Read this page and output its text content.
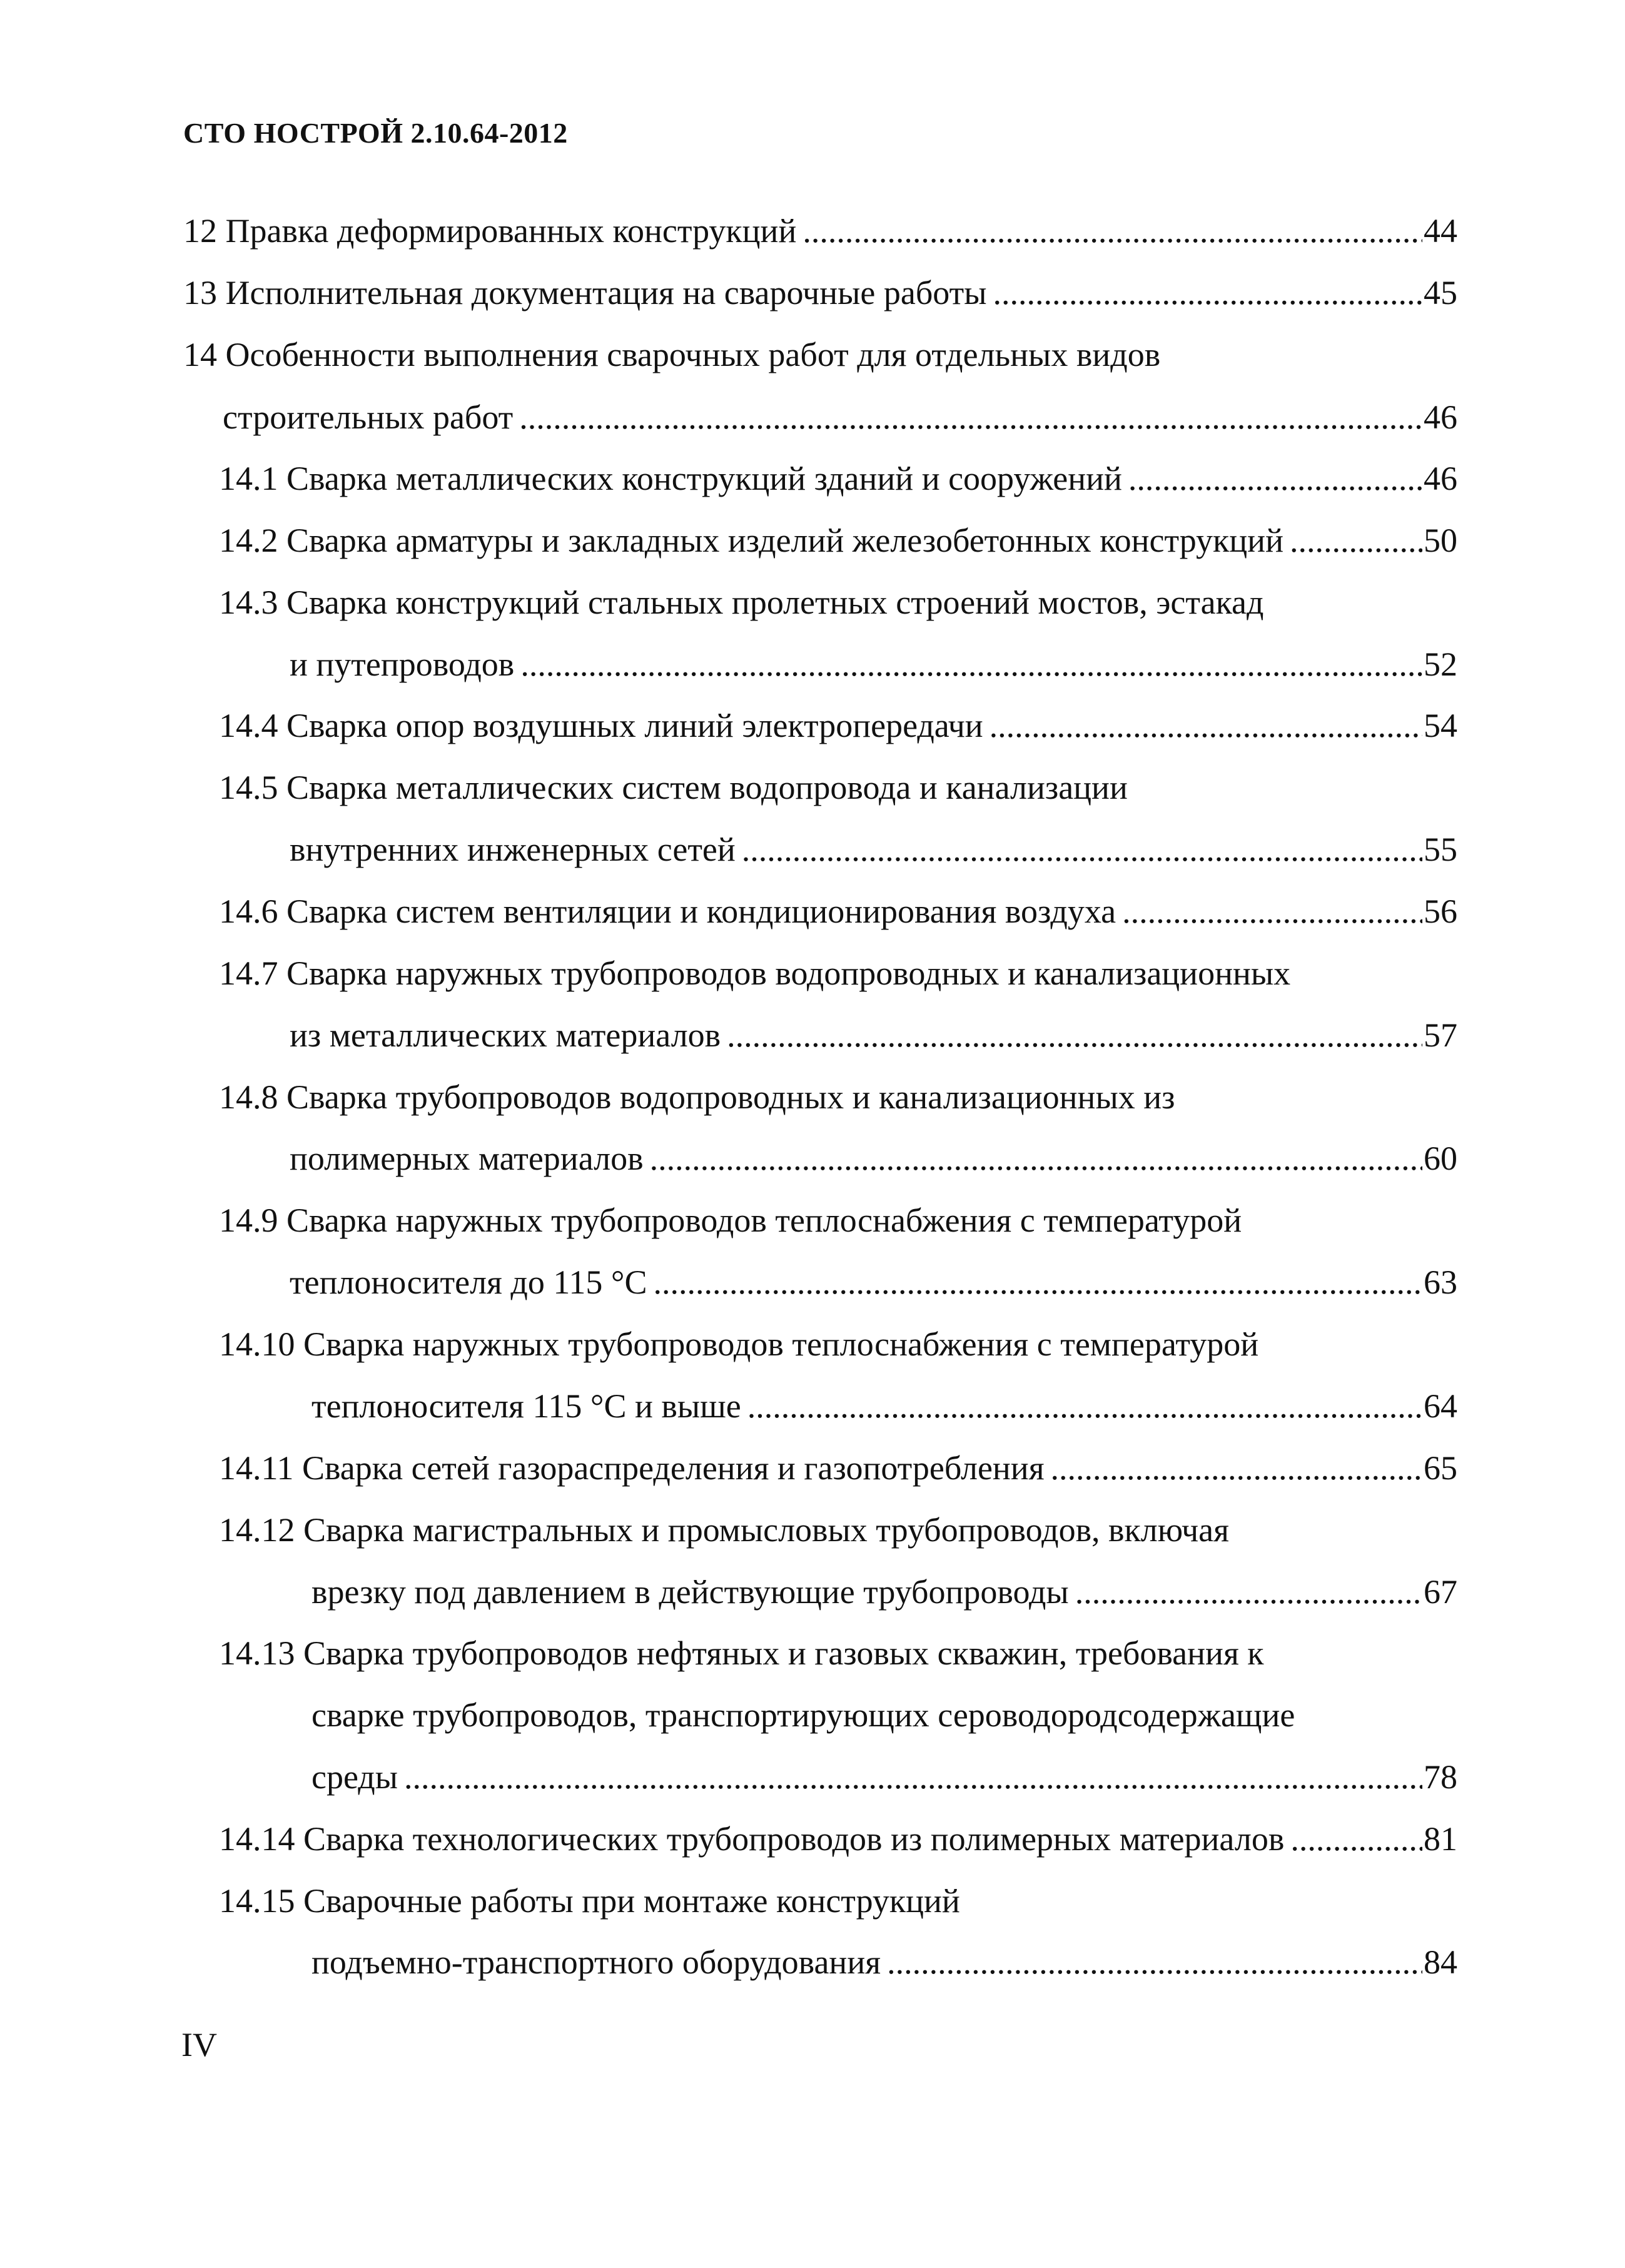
СТО НОСТРОЙ 2.10.64-2012
12 Правка деформированных конструкций .....	44
13 Исполнительная документация на сварочные работы .....	45
14 Особенности выполнения сварочных работ для отдельных видов
строительных работ .....	46
14.1 Сварка металлических конструкций зданий и сооружений .....	46
14.2 Сварка арматуры и закладных изделий железобетонных конструкций .....	50
14.3 Сварка конструкций стальных пролетных строений мостов, эстакад
и путепроводов .....	52
14.4 Сварка опор воздушных линий электропередачи .....	54
14.5 Сварка металлических систем водопровода и канализации
внутренних инженерных сетей .....	55
14.6 Сварка систем вентиляции и кондиционирования воздуха .....	56
14.7 Сварка наружных трубопроводов водопроводных и канализационных
из металлических материалов .....	57
14.8 Сварка трубопроводов водопроводных и канализационных из
полимерных материалов .....	60
14.9 Сварка наружных трубопроводов теплоснабжения с температурой
теплоносителя до 115 °С .....	63
14.10 Сварка наружных трубопроводов теплоснабжения с температурой
теплоносителя 115 °С и выше .....	64
14.11 Сварка сетей газораспределения и газопотребления .....	65
14.12 Сварка магистральных и промысловых трубопроводов, включая
врезку под давлением в действующие трубопроводы .....	67
14.13 Сварка трубопроводов нефтяных и газовых скважин, требования к
сварке трубопроводов, транспортирующих сероводородсодержащие
среды .....	78
14.14 Сварка технологических трубопроводов из полимерных материалов .....	81
14.15 Сварочные работы при монтаже конструкций
подъемно-транспортного оборудования .....	84
IV
